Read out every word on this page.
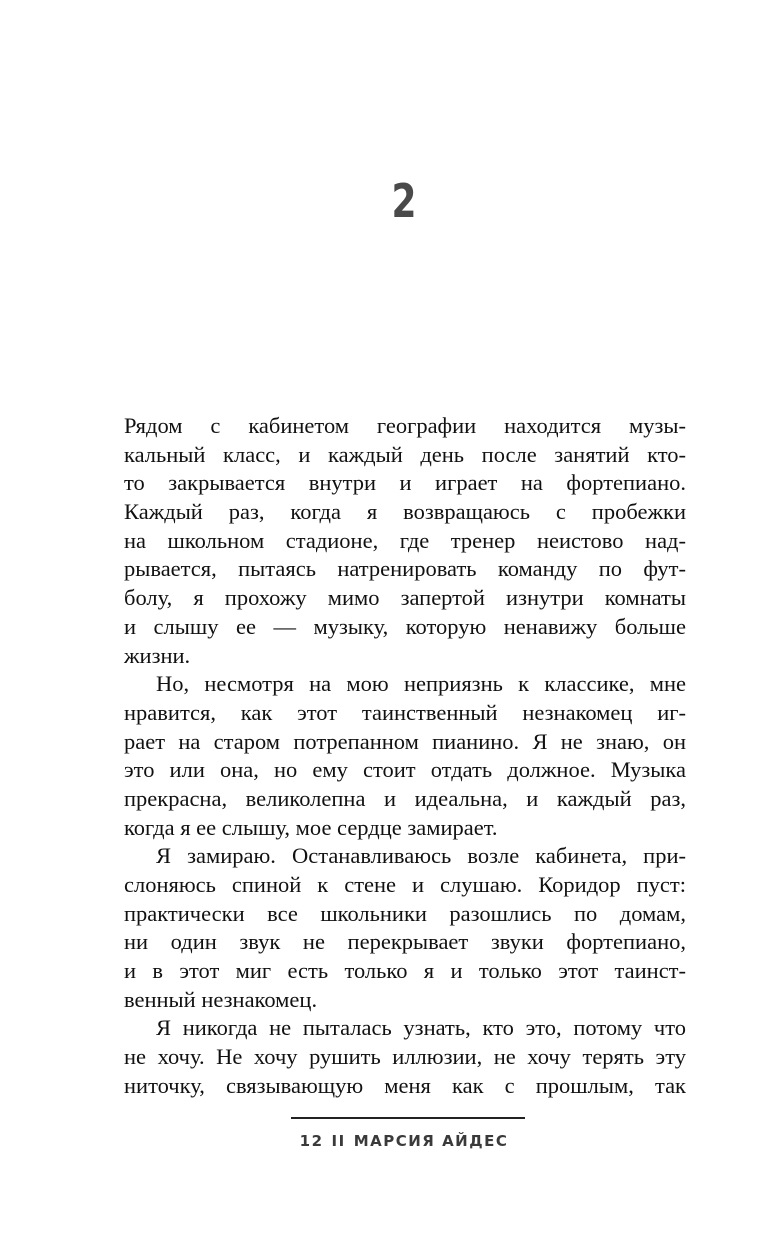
2
Рядом с кабинетом географии находится музы-
кальный класс, и каждый день после занятий кто-
то закрывается внутри и играет на фортепиано.
Каждый раз, когда я возвращаюсь с пробежки
на школьном стадионе, где тренер неистово над-
рывается, пытаясь натренировать команду по фут-
болу, я прохожу мимо запертой изнутри комнаты
и слышу ее — музыку, которую ненавижу больше
жизни.
Но, несмотря на мою неприязнь к классике, мне
нравится, как этот таинственный незнакомец иг-
рает на старом потрепанном пианино. Я не знаю, он
это или она, но ему стоит отдать должное. Музыка
прекрасна, великолепна и идеальна, и каждый раз,
когда я ее слышу, мое сердце замирает.
Я замираю. Останавливаюсь возле кабинета, при-
слоняюсь спиной к стене и слушаю. Коридор пуст:
практически все школьники разошлись по домам,
ни один звук не перекрывает звуки фортепиано,
и в этот миг есть только я и только этот таинст-
венный незнакомец.
Я никогда не пыталась узнать, кто это, потому что
не хочу. Не хочу рушить иллюзии, не хочу терять эту
ниточку, связывающую меня как с прошлым, так
12 II МАРСИЯ АЙДЕС
